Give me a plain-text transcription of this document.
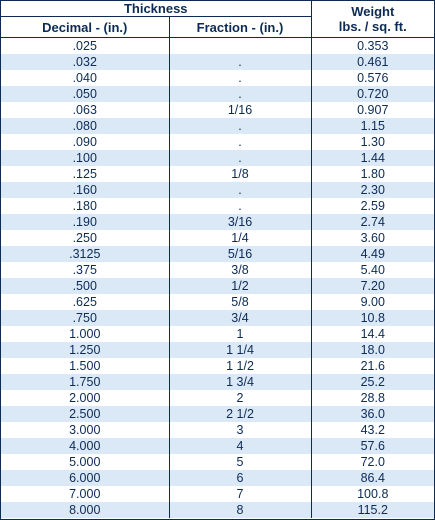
Thickness		Weight
lbs. / sq. ft.

Decimal - (in.)	Fraction - (in.)	
.025		0.353
.032	.	0.461
.040	.	0.576
.050	.	0.720
.063	1/16	0.907
.080	.	1.15
.090	.	1.30
.100	.	1.44
.125	1/8	1.80
.160	.	2.30
.180	.	2.59
.190	3/16	2.74
.250	1/4	3.60
.3125	5/16	4.49
.375	3/8	5.40
.500	1/2	7.20
.625	5/8	9.00
.750	3/4	10.8
1.000	1	14.4
1.250	1 1/4	18.0
1.500	1 1/2	21.6
1.750	1 3/4	25.2
2.000	2	28.8
2.500	2 1/2	36.0
3.000	3	43.2
4.000	4	57.6
5.000	5	72.0
6.000	6	86.4
7.000	7	100.8
8.000	8	115.2
